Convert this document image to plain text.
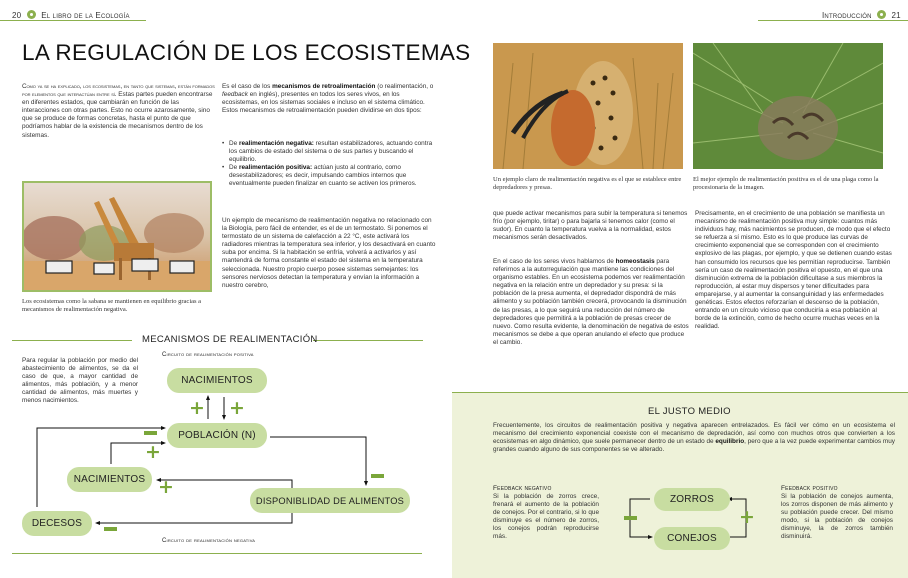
20 El libro de la Ecología
LA REGULACIÓN DE LOS ECOSISTEMAS
Como ya se ha explicado, los ecosistemas, en tanto que sistemas, están formados por elementos que interactúan entre sí. Estas partes pueden encontrarse en diferentes estados, que cambiarán en función de las interacciones con otras partes. Esto no ocurre azarosamente, sino que se produce de formas concretas, hasta el punto de que podríamos hablar de la existencia de mecanismos dentro de los sistemas.
Los ecosistemas como la sabana se mantienen en equilibrio gracias a mecanismos de realimentación negativa.
Es el caso de los mecanismos de retroalimentación (o realimentación, o feedback en inglés), presentes en todos los seres vivos, en los ecosistemas, en los sistemas sociales e incluso en el sistema climático. Estos mecanismos de retroalimentación pueden dividirse en dos tipos:
• De realimentación negativa: resultan estabilizadores, actuando contra los cambios de estado del sistema o de sus partes y buscando el equilibrio.
• De realimentación positiva: actúan justo al contrario, como desestabilizadores; es decir, impulsando cambios internos que eventualmente pueden finalizar en cuanto se activen los primeros.
Un ejemplo de mecanismo de realimentación negativa no relacionado con la Biología, pero fácil de entender, es el de un termostato. Si ponemos el termostato de un sistema de calefacción a 22 °C, este activará los radiadores mientras la temperatura sea inferior, y los desactivará en cuanto suba por encima. Si la habitación se enfría, volverá a activarlos y así mantendrá de forma constante el estado del sistema en la temperatura seleccionada. Nuestro propio cuerpo posee sistemas semejantes: los sensores nerviosos detectan la temperatura y envían la información a nuestro cerebro,
MECANISMOS DE REALIMENTACIÓN
Circuito de realimentación positiva
Para regular la población por medio del abastecimiento de alimentos, se da el caso de que, a mayor cantidad de alimentos, más población, y a menor cantidad de alimentos, más muertes y menos nacimientos.
NACIMIENTOS
POBLACIÓN (N)
NACIMIENTOS
DISPONIBLIDAD DE ALIMENTOS
DECESOS
+ +
+
+
Circuito de realimentación negativa
Introducción 21
Un ejemplo claro de realimentación negativa es el que se establece entre depredadores y presas.
El mejor ejemplo de realimentación positiva es el de una plaga como la procesionaria de la imagen.
que puede activar mecanismos para subir la temperatura si tenemos frío (por ejemplo, tiritar) o para bajarla si tenemos calor (como el sudor). En cuanto la temperatura vuelva a la normalidad, estos mecanismos serán desactivados.
En el caso de los seres vivos hablamos de homeostasis para referirnos a la autorregulación que mantiene las condiciones del organismo estables. En un ecosistema podemos ver realimentación negativa en la relación entre un depredador y su presa: si la población de la presa aumenta, el depredador dispondrá de más alimento y su población también crecerá, provocando la disminución de las presas, a lo que seguirá una reducción del número de depredadores que permitirá a la población de presas crecer de nuevo. Como resulta evidente, la denominación de negativa de estos mecanismos se debe a que operan anulando el efecto que produce el cambio.
Precisamente, en el crecimiento de una población se manifiesta un mecanismo de realimentación positiva muy simple: cuantos más individuos hay, más nacimientos se producen, de modo que el efecto se refuerza a sí mismo. Esto es lo que produce las curvas de crecimiento exponencial que se corresponden con el crecimiento explosivo de las plagas, por ejemplo, y que se detienen cuando estas han consumido los recursos que les permitían reproducirse. También sería un caso de realimentación positiva el opuesto, en el que una disminución extrema de la población dificultase a sus miembros la reproducción, al estar muy dispersos y tener dificultades para emparejarse, y al aumentar la consanguinidad y las enfermedades genéticas. Estos efectos reforzarían el descenso de la población, entrando en un círculo vicioso que conduciría a esa población al borde de la extinción, como de hecho ocurre muchas veces en la realidad.
EL JUSTO MEDIO
Frecuentemente, los circuitos de realimentación positiva y negativa aparecen entrelazados. Es fácil ver cómo en un ecosistema el mecanismo del crecimiento exponencial coexiste con el mecanismo de depredación, así como con muchos otros que convierten a los ecosistemas en algo dinámico, que suele permanecer dentro de un estado de equilibrio, pero que a la vez puede experimentar cambios muy grandes cuando alguno de sus componentes se ve alterado.
Feedback negativo
Si la población de zorros crece, frenará el aumento de la población de conejos. Por el contrario, si lo que disminuye es el número de zorros, los conejos podrán reproducirse más.
Feedback positivo
Si la población de conejos aumenta, los zorros disponen de más alimento y su población puede crecer. Del mismo modo, si la población de conejos disminuye, la de zorros también disminuirá.
ZORROS
CONEJOS
+
